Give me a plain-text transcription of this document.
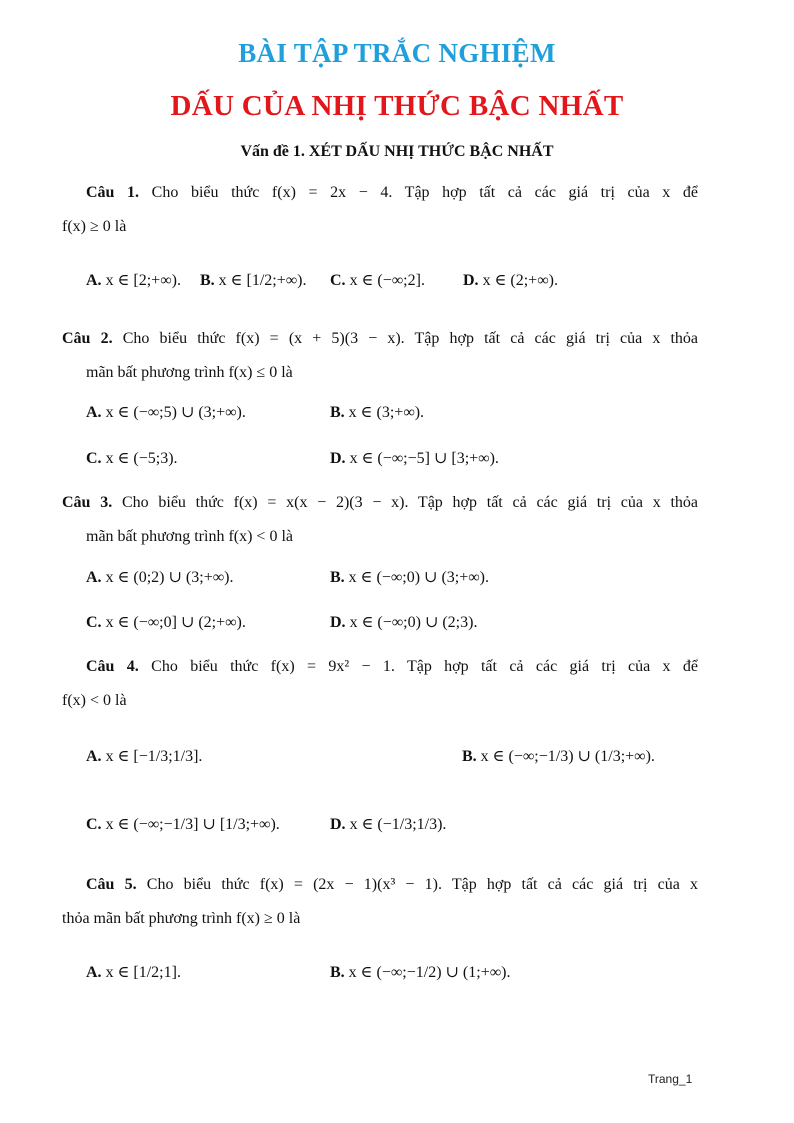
BÀI TẬP TRẮC NGHIỆM
DẤU CỦA NHỊ THỨC BẬC NHẤT
Vấn đề 1. XÉT DẤU NHỊ THỨC BẬC NHẤT
Câu 1. Cho biểu thức f(x) = 2x − 4. Tập hợp tất cả các giá trị của x để
f(x) ≥ 0 là
A. x ∈ [2;+∞). B. x ∈ [1/2;+∞). C. x ∈ (−∞;2]. D. x ∈ (2;+∞).
Câu 2. Cho biểu thức f(x) = (x + 5)(3 − x). Tập hợp tất cả các giá trị của x thỏa
mãn bất phương trình f(x) ≤ 0 là
A. x ∈ (−∞;5) ∪ (3;+∞).	B. x ∈ (3;+∞).
C. x ∈ (−5;3).	D. x ∈ (−∞;−5] ∪ [3;+∞).
Câu 3. Cho biểu thức f(x) = x(x − 2)(3 − x). Tập hợp tất cả các giá trị của x thỏa
mãn bất phương trình f(x) < 0 là
A. x ∈ (0;2) ∪ (3;+∞).	B. x ∈ (−∞;0) ∪ (3;+∞).
C. x ∈ (−∞;0] ∪ (2;+∞).	D. x ∈ (−∞;0) ∪ (2;3).
Câu 4. Cho biểu thức f(x) = 9x² − 1. Tập hợp tất cả các giá trị của x để
f(x) < 0 là
A. x ∈ [−1/3;1/3].	B. x ∈ (−∞;−1/3) ∪ (1/3;+∞).
C. x ∈ (−∞;−1/3] ∪ [1/3;+∞).	D. x ∈ (−1/3;1/3).
Câu 5. Cho biểu thức f(x) = (2x − 1)(x³ − 1). Tập hợp tất cả các giá trị của x
thỏa mãn bất phương trình f(x) ≥ 0 là
A. x ∈ [1/2;1].	B. x ∈ (−∞;−1/2) ∪ (1;+∞).
Trang_1
